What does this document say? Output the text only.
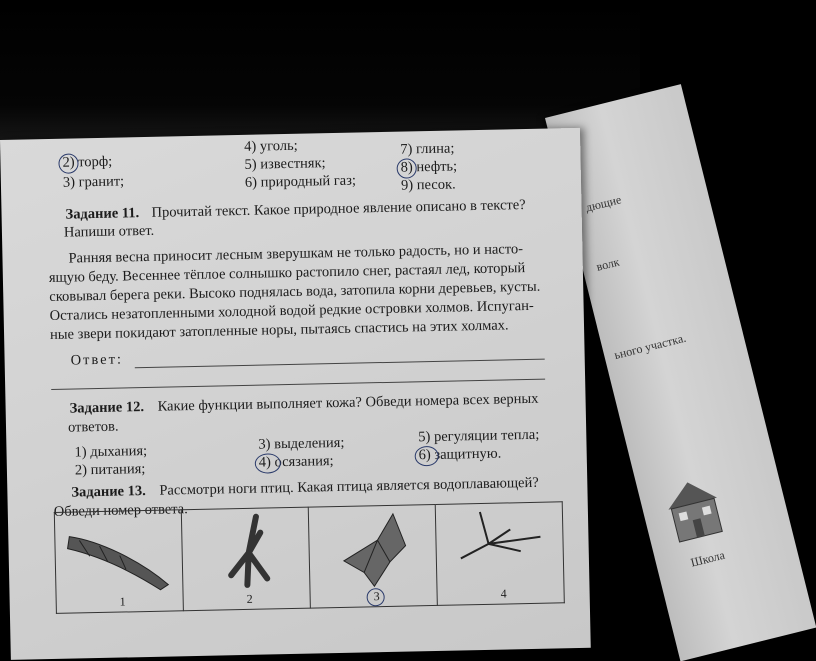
дющие
волк
ьного участка.
Школа
2) торф;
3) гранит;
4) уголь;
5) известняк;
6) природный газ;
7) глина;
8) нефть;
9) песок.
Задание 11. Прочитай текст. Какое природное явление описано в тексте?
Напиши ответ.
Ранняя весна приносит лесным зверушкам не только радость, но и насто-
ящую беду. Весеннее тёплое солнышко растопило снег, растаял лед, который
сковывал берега реки. Высоко поднялась вода, затопила корни деревьев, кусты.
Остались незатопленными холодной водой редкие островки холмов. Испуган-
ные звери покидают затопленные норы, пытаясь спастись на этих холмах.
Ответ:
Задание 12. Какие функции выполняет кожа? Обведи номера всех верных
ответов.
1) дыхания;
2) питания;
3) выделения;
4) осязания;
5) регуляции тепла;
6) защитную.
Задание 13. Рассмотри ноги птиц. Какая птица является водоплавающей?
Обведи номер ответа.
1	2	3	4
